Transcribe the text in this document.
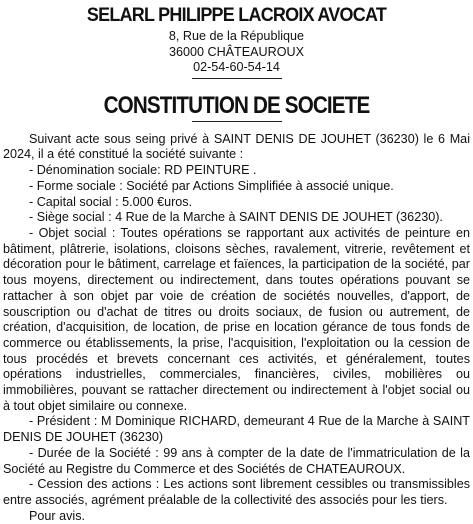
SELARL PHILIPPE LACROIX AVOCAT
8, Rue de la République
36000 CHÂTEAUROUX
02-54-60-54-14
CONSTITUTION DE SOCIETE

Suivant acte sous seing privé à SAINT DENIS DE JOUHET (36230) le 6 Mai 2024, il a été constitué la société suivante :

- Dénomination sociale: RD PEINTURE .

- Forme sociale : Société par Actions Simplifiée à associé unique.

- Capital social : 5.000 €uros.

- Siège social : 4 Rue de la Marche à SAINT DENIS DE JOUHET (36230).

- Objet social : Toutes opérations se rapportant aux activités de peinture en bâtiment, plâtrerie, isolations, cloisons sèches, ravalement, vitrerie, revêtement et décoration pour le bâtiment, carrelage et faïences, la participation de la société, par tous moyens, directement ou indirectement, dans toutes opérations pouvant se rattacher à son objet par voie de création de sociétés nouvelles, d'apport, de souscription ou d'achat de titres ou droits sociaux, de fusion ou autrement, de création, d'acquisition, de location, de prise en location gérance de tous fonds de commerce ou établissements, la prise, l'acquisition, l'exploitation ou la cession de tous procédés et brevets concernant ces activités, et généralement, toutes opérations industrielles, commerciales, financières, civiles, mobilières ou immobilières, pouvant se rattacher directement ou indirectement à l'objet social ou à tout objet similaire ou connexe.

- Président : M Dominique RICHARD, demeurant 4 Rue de la Marche à SAINT DENIS DE JOUHET (36230)

- Durée de la Société : 99 ans à compter de la date de l'immatriculation de la Société au Registre du Commerce et des Sociétés de CHATEAUROUX.

- Cession des actions : Les actions sont librement cessibles ou transmissibles entre associés, agrément préalable de la collectivité des associés pour les tiers.

Pour avis.
